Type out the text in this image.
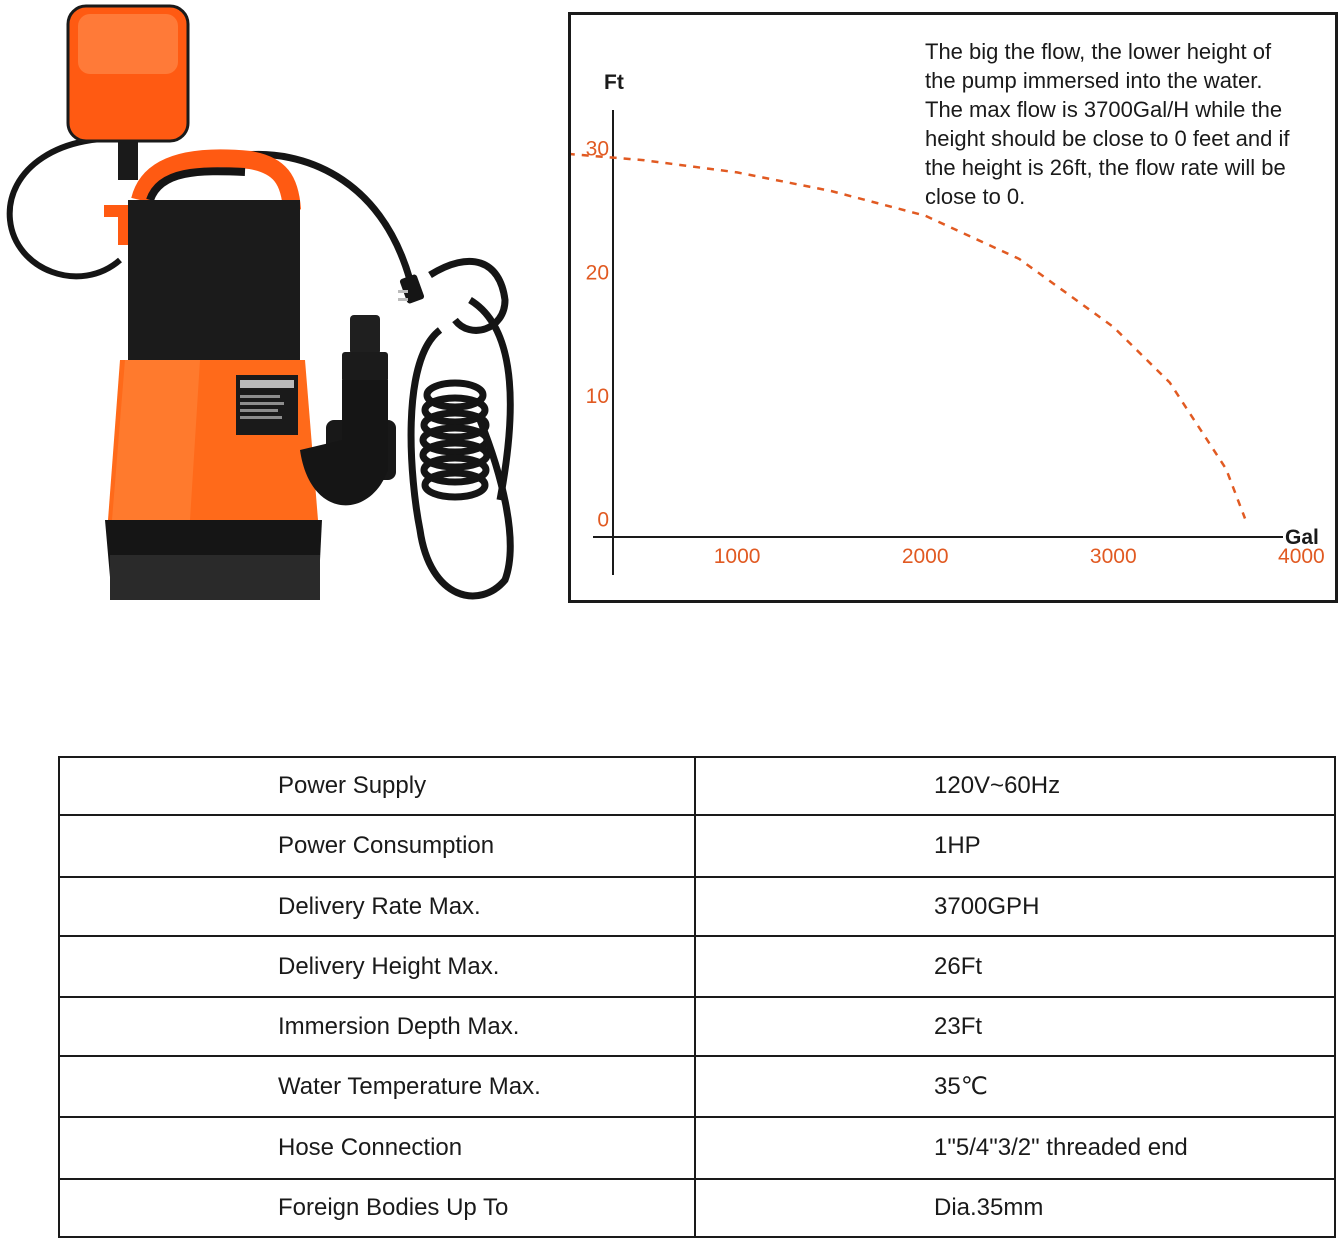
Ft
Gal
0
10
20
30
1000	2000	3000	4000

The big the flow, the lower height of
the pump immersed into the water.
The max flow is 3700Gal/H while the
height should be close to 0 feet and if
the height is 26ft, the flow rate will be
close to 0.

Power Supply	120V~60Hz
Power Consumption	1HP
Delivery Rate Max.	3700GPH
Delivery Height Max.	26Ft
Immersion Depth Max.	23Ft
Water Temperature Max.	35℃
Hose Connection	1"5/4"3/2" threaded end
Foreign Bodies Up To	Dia.35mm
